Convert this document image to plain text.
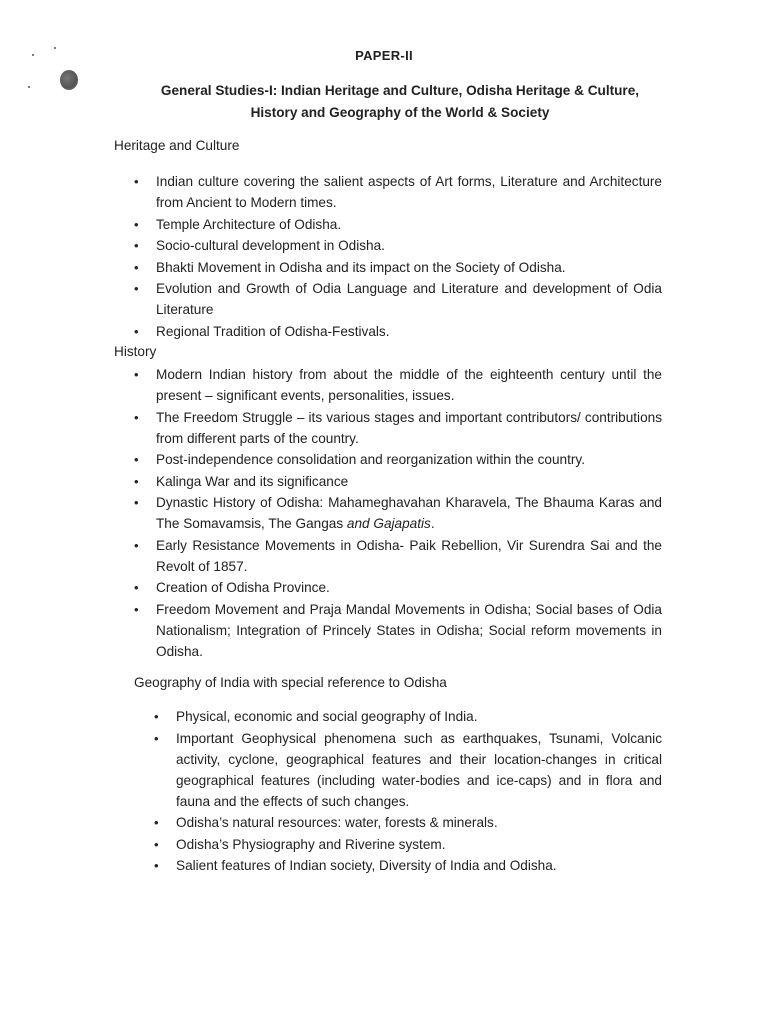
PAPER-II
General Studies-I: Indian Heritage and Culture, Odisha Heritage & Culture,
History and Geography of the World & Society
Heritage and Culture
• Indian culture covering the salient aspects of Art forms, Literature and Architecture from Ancient to Modern times.
• Temple Architecture of Odisha.
• Socio-cultural development in Odisha.
• Bhakti Movement in Odisha and its impact on the Society of Odisha.
• Evolution and Growth of Odia Language and Literature and development of Odia Literature
• Regional Tradition of Odisha-Festivals.
History
• Modern Indian history from about the middle of the eighteenth century until the present – significant events, personalities, issues.
• The Freedom Struggle – its various stages and important contributors/ contributions from different parts of the country.
• Post-independence consolidation and reorganization within the country.
• Kalinga War and its significance
• Dynastic History of Odisha: Mahameghavahan Kharavela, The Bhauma Karas and The Somavamsis, The Gangas and Gajapatis.
• Early Resistance Movements in Odisha- Paik Rebellion, Vir Surendra Sai and the Revolt of 1857.
• Creation of Odisha Province.
• Freedom Movement and Praja Mandal Movements in Odisha; Social bases of Odia Nationalism; Integration of Princely States in Odisha; Social reform movements in Odisha.
Geography of India with special reference to Odisha
• Physical, economic and social geography of India.
• Important Geophysical phenomena such as earthquakes, Tsunami, Volcanic activity, cyclone, geographical features and their location-changes in critical geographical features (including water-bodies and ice-caps) and in flora and fauna and the effects of such changes.
• Odisha’s natural resources: water, forests & minerals.
• Odisha’s Physiography and Riverine system.
• Salient features of Indian society, Diversity of India and Odisha.
